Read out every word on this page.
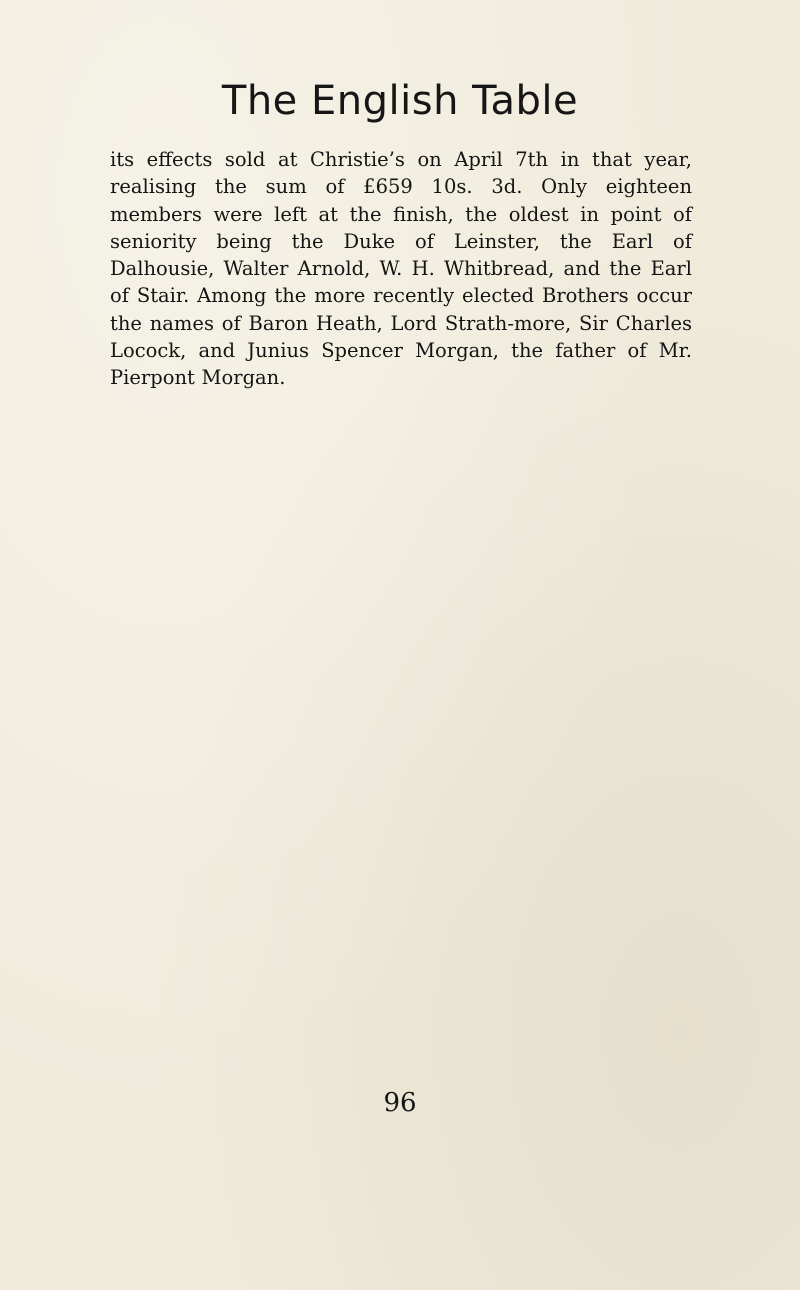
The English Table

its effects sold at Christie’s on April 7th in that year, realising the sum of £659 10s. 3d. Only eighteen members were left at the finish, the oldest in point of seniority being the Duke of Leinster, the Earl of Dalhousie, Walter Arnold, W. H. Whitbread, and the Earl of Stair. Among the more recently elected Brothers occur the names of Baron Heath, Lord Strath-more, Sir Charles Locock, and Junius Spencer Morgan, the father of Mr. Pierpont Morgan.

96
